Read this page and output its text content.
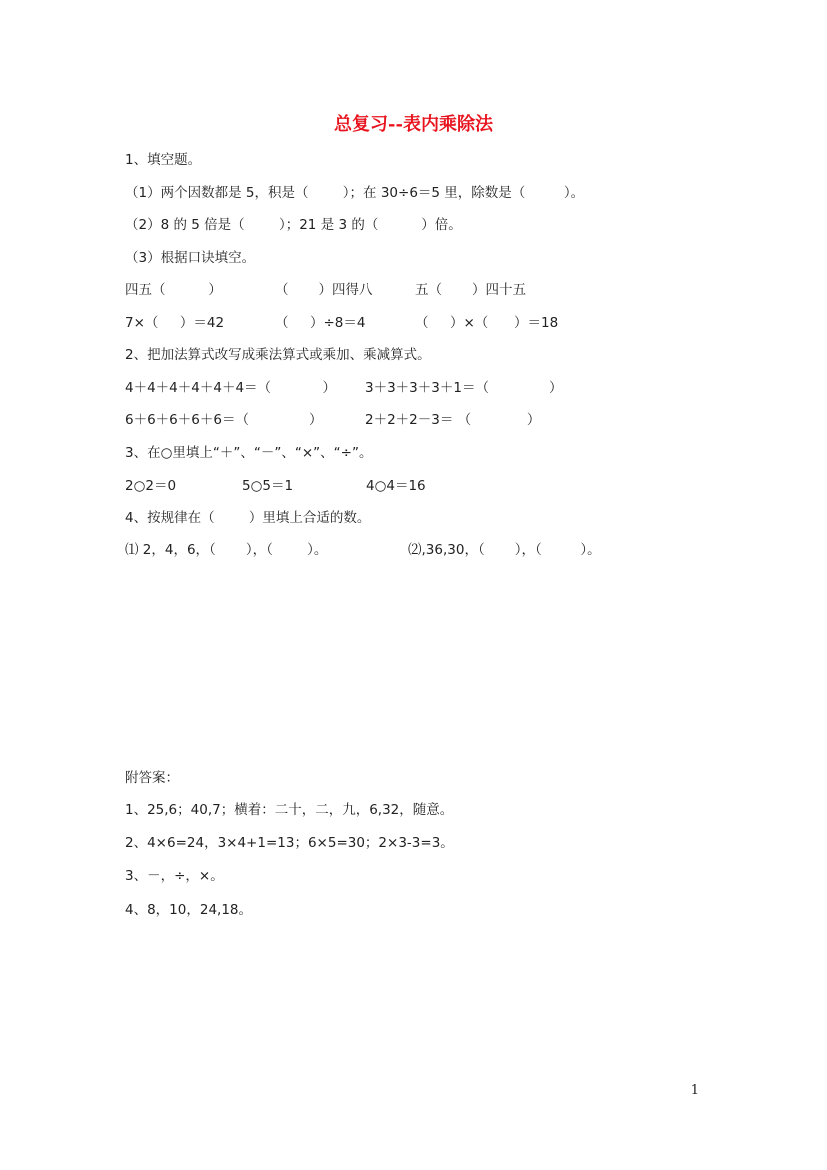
总复习--表内乘除法
1、填空题。
（1）两个因数都是 5，积是（        ）；在 30÷6＝5 里，除数是（         ）。
（2）8 的 5 倍是（        ）；21 是 3 的（          ）倍。
（3）根据口诀填空。

四五（          ）

	（       ）四得八

	五（       ）四十五

7×（     ）＝42

	（     ）÷8＝4

	（     ）×（      ）＝18

2、把加法算式改写成乘法算式或乘加、乘减算式。

4＋4＋4＋4＋4＋4＝（            ）

3＋3＋3＋3＋1＝（              ）

6＋6＋6＋6＋6＝（              ）

	2＋2＋2－3＝ （             ）

3、在○里填上“＋”、“－”、“×”、“÷”。

2○2＝0

	5○5＝1

	4○4＝16

4、按规律在（        ）里填上合适的数。

⑴ 2，4，6，（       ），（        ）。

	⑵,36,30，（       ），（         ）。

附答案：
1、25,6；40,7；横着：二十，二，九，6,32，随意。
2、4×6=24，3×4+1=13；6×5=30；2×3-3=3。
3、－，÷，×。
4、8，10，24,18。
1
